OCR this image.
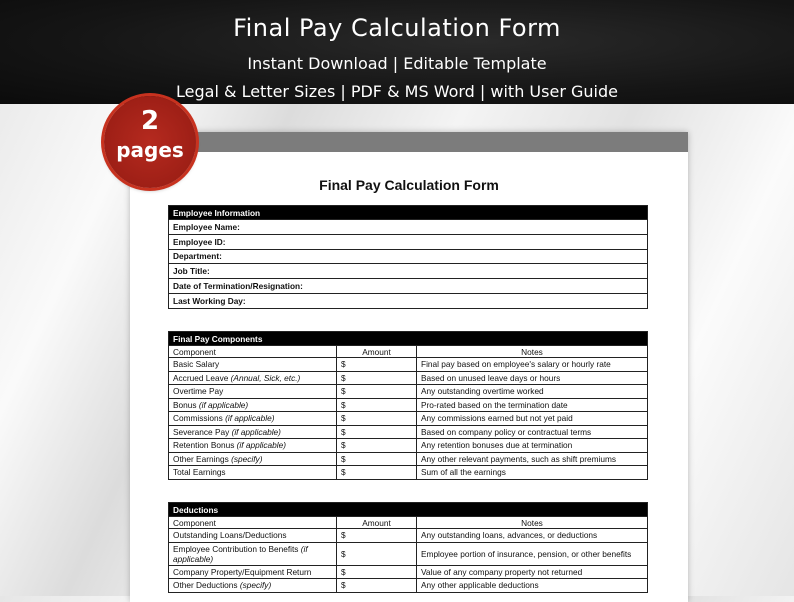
Final Pay Calculation Form
Instant Download | Editable Template
Legal & Letter Sizes | PDF & MS Word | with User Guide
Final Pay Calculation Form
Employee Information
Employee Name:
Employee ID:
Department:
Job Title:
Date of Termination/Resignation:
Last Working Day:
Final Pay Components		
Component	Amount	Notes
Basic Salary	$	Final pay based on employee's salary or hourly rate
Accrued Leave (Annual, Sick, etc.)	$	Based on unused leave days or hours
Overtime Pay	$	Any outstanding overtime worked
Bonus (if applicable)	$	Pro-rated based on the termination date
Commissions (if applicable)	$	Any commissions earned but not yet paid
Severance Pay (if applicable)	$	Based on company policy or contractual terms
Retention Bonus (if applicable)	$	Any retention bonuses due at termination
Other Earnings (specify)	$	Any other relevant payments, such as shift premiums
Total Earnings	$	Sum of all the earnings
Deductions		
Component	Amount	Notes
Outstanding Loans/Deductions	$	Any outstanding loans, advances, or deductions
Employee Contribution to Benefits (if applicable)	$	Employee portion of insurance, pension, or other benefits
Company Property/Equipment Return	$	Value of any company property not returned
Other Deductions (specify)	$	Any other applicable deductions
2
pages
